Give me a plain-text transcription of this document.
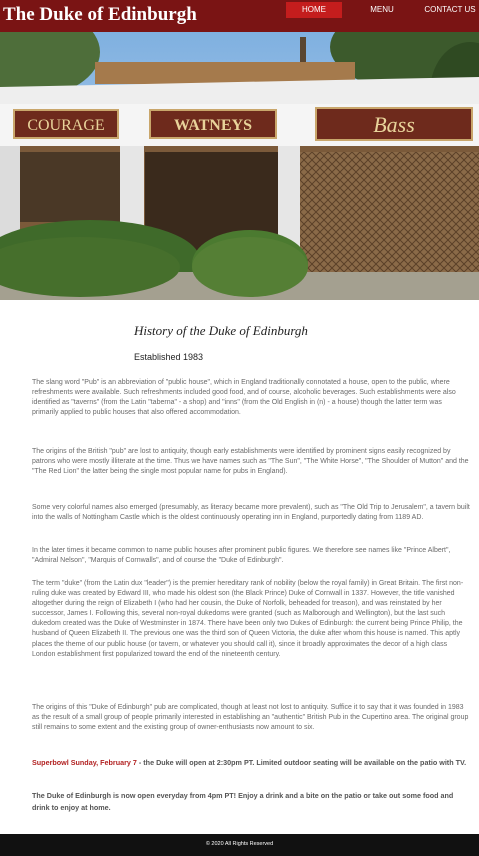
The Duke of Edinburgh	HOME	MENU	CONTACT US
COURAGE	WATNEYS	Bass
History of the Duke of Edinburgh
Established 1983

The slang word "Pub" is an abbreviation of "public house", which in England traditionally connotated a house, open to the public, where refreshments were available. Such refreshments included good food, and of course, alcoholic beverages. Such establishments were also identified as "taverns" (from the Latin "taberna" - a shop) and "inns" (from the Old English in (n) - a house) though the latter term was primarily applied to public houses that also offered accommodation.

The origins of the British "pub" are lost to antiquity, though early establishments were identified by prominent signs easily recognized by patrons who were mostly illiterate at the time. Thus we have names such as "The Sun", "The White Horse", "The Shoulder of Mutton" and the "The Red Lion" the latter being the single most popular name for pubs in England).

Some very colorful names also emerged (presumably, as literacy became more prevalent), such as "The Old Trip to Jerusalem", a tavern built into the walls of Nottingham Castle which is the oldest continuously operating inn in England, purportedly dating from 1189 AD.

In the later times it became common to name public houses after prominent public figures. We therefore see names like "Prince Albert", "Admiral Nelson", "Marquis of Cornwalls", and of course the "Duke of Edinburgh".

The term "duke" (from the Latin dux "leader") is the premier hereditary rank of nobility (below the royal family) in Great Britain. The first non-ruling duke was created by Edward III, who made his oldest son (the Black Prince) Duke of Cornwall in 1337. However, the title vanished altogether during the reign of Elizabeth I (who had her cousin, the Duke of Norfolk, beheaded for treason), and was reinstated by her successor, James I. Following this, several non-royal dukedoms were granted (such as Malborough and Wellington), but the last such dukedom created was the Duke of Westminster in 1874. There have been only two Dukes of Edinburgh: the current being Prince Philip, the husband of Queen Elizabeth II. The previous one was the third son of Queen Victoria, the duke after whom this house is named. This aptly places the theme of our public house (or tavern, or whatever you should call it), since it broadly approximates the decor of a high class London establishment first popularized toward the end of the nineteenth century.

The origins of this "Duke of Edinburgh" pub are complicated, though at least not lost to antiquity. Suffice it to say that it was founded in 1983 as the result of a small group of people primarily interested in establishing an "authentic" British Pub in the Cupertino area. The original group still remains to some extent and the existing group of owner-enthusiasts now amount to six.

Superbowl Sunday, February 7 - the Duke will open at 2:30pm PT. Limited outdoor seating will be available on the patio with TV.

The Duke of Edinburgh is now open everyday from 4pm PT! Enjoy a drink and a bite on the patio or take out some food and drink to enjoy at home.

© 2020 All Rights Reserved
